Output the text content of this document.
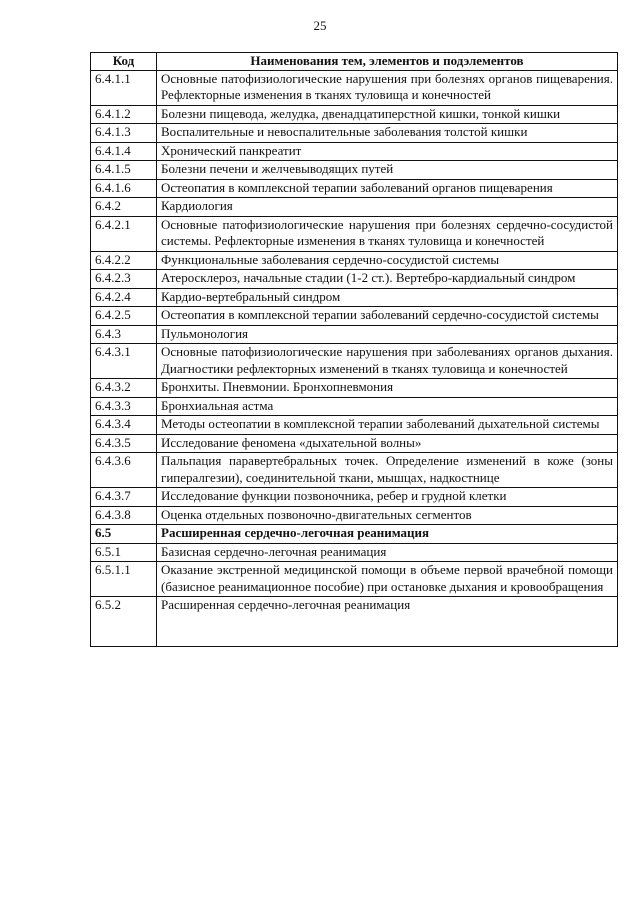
25
Код	Наименования тем, элементов и подэлементов
6.4.1.1	Основные патофизиологические нарушения при болезнях органов пищеварения. Рефлекторные изменения в тканях туловища и конечностей
6.4.1.2	Болезни пищевода, желудка, двенадцатиперстной кишки, тонкой кишки
6.4.1.3	Воспалительные и невоспалительные заболевания толстой кишки
6.4.1.4	Хронический панкреатит
6.4.1.5	Болезни печени и желчевыводящих путей
6.4.1.6	Остеопатия в комплексной терапии заболеваний органов пищеварения
6.4.2	Кардиология
6.4.2.1	Основные патофизиологические нарушения при болезнях сердечно-сосудистой системы. Рефлекторные изменения в тканях туловища и конечностей
6.4.2.2	Функциональные заболевания сердечно-сосудистой системы
6.4.2.3	Атеросклероз, начальные стадии (1-2 ст.). Вертебро-кардиальный синдром
6.4.2.4	Кардио-вертебральный синдром
6.4.2.5	Остеопатия в комплексной терапии заболеваний сердечно-сосудистой системы
6.4.3	Пульмонология
6.4.3.1	Основные патофизиологические нарушения при заболеваниях органов дыхания. Диагностики рефлекторных изменений в тканях туловища и конечностей
6.4.3.2	Бронхиты. Пневмонии. Бронхопневмония
6.4.3.3	Бронхиальная астма
6.4.3.4	Методы остеопатии в комплексной терапии заболеваний дыхательной системы
6.4.3.5	Исследование феномена «дыхательной волны»
6.4.3.6	Пальпация паравертебральных точек. Определение изменений в коже (зоны гипералгезии), соединительной ткани, мышцах, надкостнице
6.4.3.7	Исследование функции позвоночника, ребер и грудной клетки
6.4.3.8	Оценка отдельных позвоночно-двигательных сегментов
6.5	Расширенная сердечно-легочная реанимация
6.5.1	Базисная сердечно-легочная реанимация
6.5.1.1	Оказание экстренной медицинской помощи в объеме первой врачебной помощи (базисное реанимационное пособие) при остановке дыхания и кровообращения
6.5.2	Расширенная сердечно-легочная реанимация
